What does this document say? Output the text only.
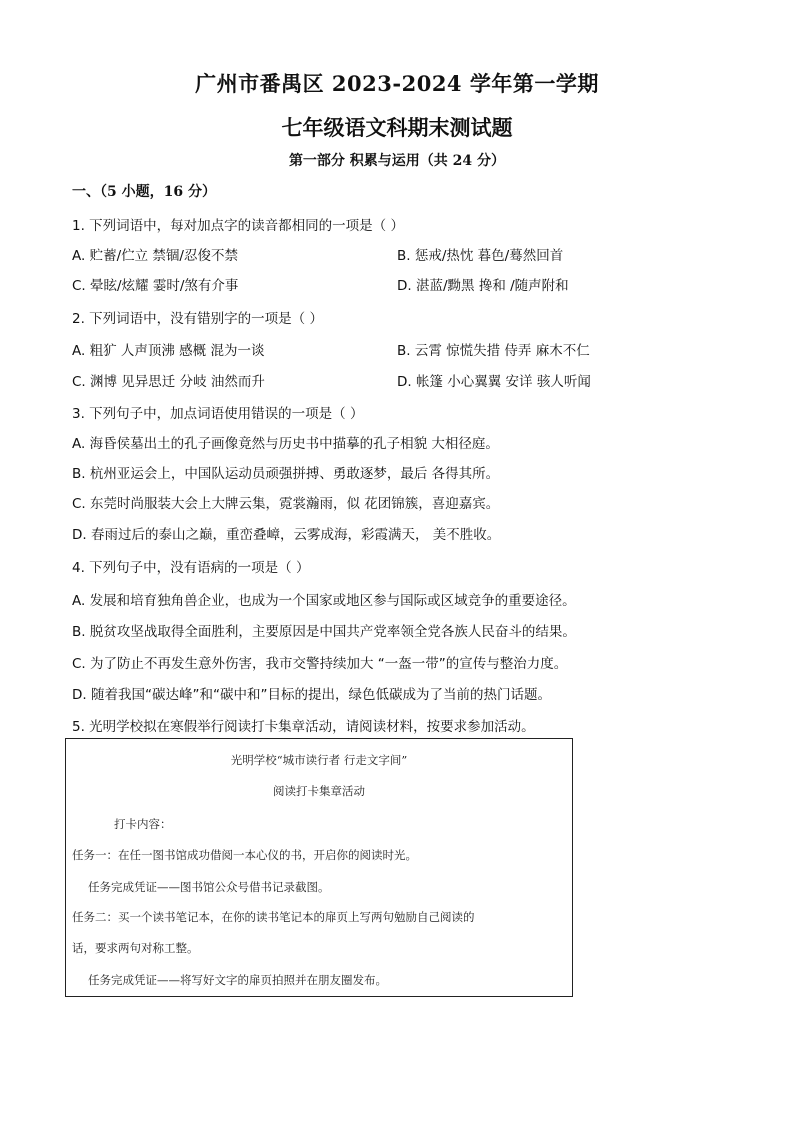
广州市番禺区 2023-2024 学年第一学期
七年级语文科期末测试题
第一部分 积累与运用（共 24 分）
一、（5 小题，16 分）
1. 下列词语中，每对加点字的读音都相同的一项是（ ）
A. 贮蓄/伫立 禁锢/忍俊不禁	B. 惩戒/热忱 暮色/蓦然回首
C. 晕眩/炫耀 霎时/煞有介事	D. 湛蓝/黝黑 搀和 /随声附和
2. 下列词语中，没有错别字的一项是（ ）
A. 粗犷 人声顶沸 感概 混为一谈	B. 云霄 惊慌失措 侍弄 麻木不仁
C. 渊博 见异思迁 分岐 油然而升	D. 帐篷 小心翼翼 安详 骇人听闻
3. 下列句子中，加点词语使用错误的一项是（ ）
A. 海昏侯墓出土的孔子画像竟然与历史书中描摹的孔子相貌 大相径庭。
B. 杭州亚运会上，中国队运动员顽强拼搏、勇敢逐梦，最后 各得其所。
C. 东莞时尚服装大会上大牌云集，霓裳瀚雨，似 花团锦簇，喜迎嘉宾。
D. 春雨过后的泰山之巅，重峦叠嶂，云雾成海，彩霞满天， 美不胜收。
4. 下列句子中，没有语病的一项是（ ）
A. 发展和培育独角兽企业，也成为一个国家或地区参与国际或区域竞争的重要途径。
B. 脱贫攻坚战取得全面胜利，主要原因是中国共产党率领全党各族人民奋斗的结果。
C. 为了防止不再发生意外伤害，我市交警持续加大 “一盔一带”的宣传与整治力度。
D. 随着我国“碳达峰”和“碳中和”目标的提出，绿色低碳成为了当前的热门话题。
5. 光明学校拟在寒假举行阅读打卡集章活动，请阅读材料，按要求参加活动。
光明学校“城市读行者 行走文字间”
阅读打卡集章活动
打卡内容：
任务一：在任一图书馆成功借阅一本心仪的书，开启你的阅读时光。
任务完成凭证——图书馆公众号借书记录截图。
任务二：买一个读书笔记本，在你的读书笔记本的扉页上写两句勉励自己阅读的
话，要求两句对称工整。
任务完成凭证——将写好文字的扉页拍照并在朋友圈发布。
